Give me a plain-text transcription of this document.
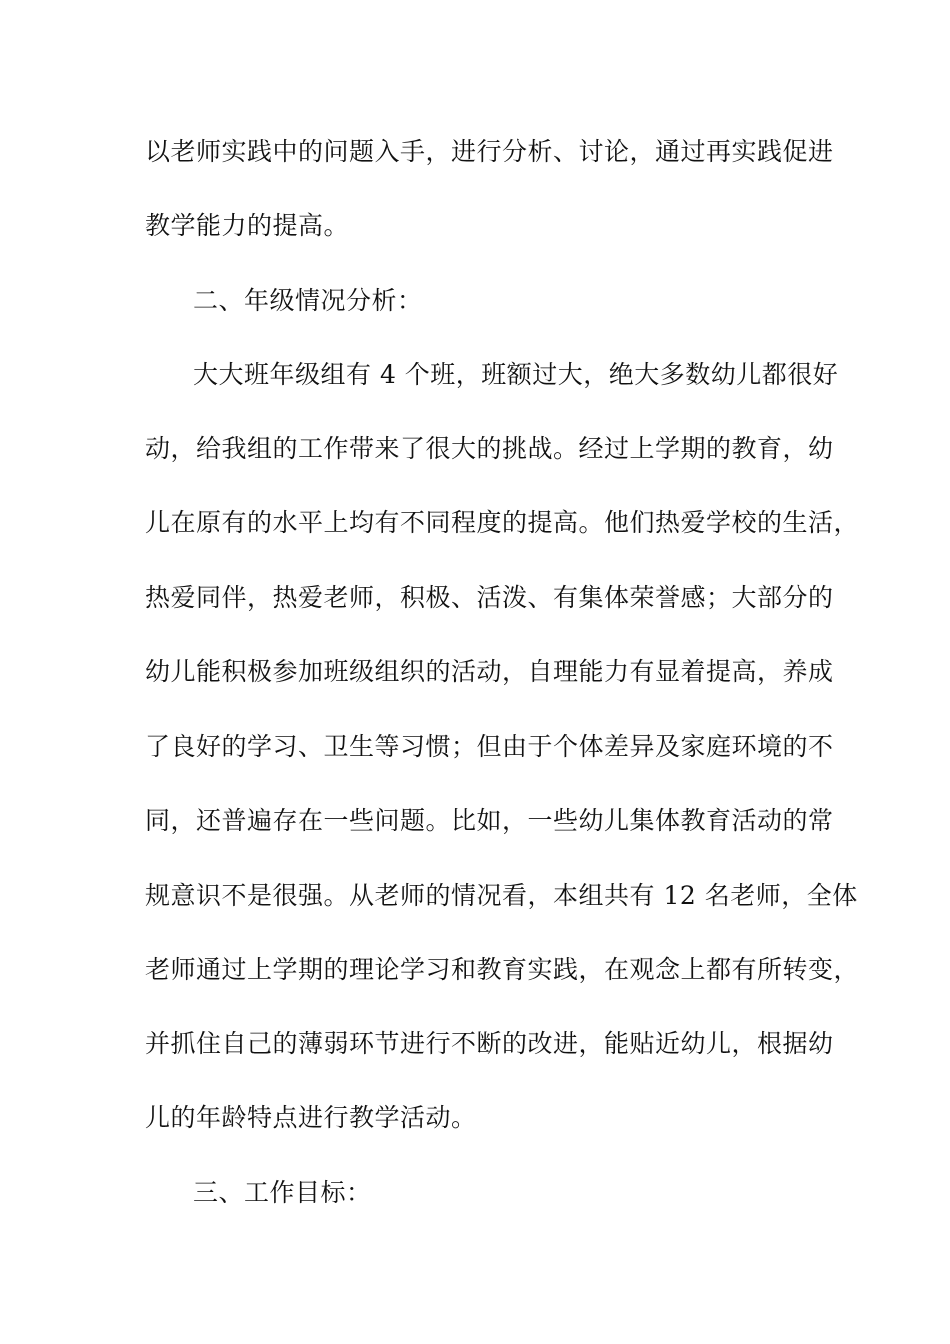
以老师实践中的问题入手，进行分析、讨论，通过再实践促进

教学能力的提高。

二、年级情况分析：

大大班年级组有 4 个班，班额过大，绝大多数幼儿都很好

动，给我组的工作带来了很大的挑战。经过上学期的教育，幼

儿在原有的水平上均有不同程度的提高。他们热爱学校的生活，

热爱同伴，热爱老师，积极、活泼、有集体荣誉感；大部分的

幼儿能积极参加班级组织的活动，自理能力有显着提高，养成

了良好的学习、卫生等习惯；但由于个体差异及家庭环境的不

同，还普遍存在一些问题。比如，一些幼儿集体教育活动的常

规意识不是很强。从老师的情况看，本组共有 12 名老师，全体

老师通过上学期的理论学习和教育实践，在观念上都有所转变，

并抓住自己的薄弱环节进行不断的改进，能贴近幼儿，根据幼

儿的年龄特点进行教学活动。

三、工作目标：
